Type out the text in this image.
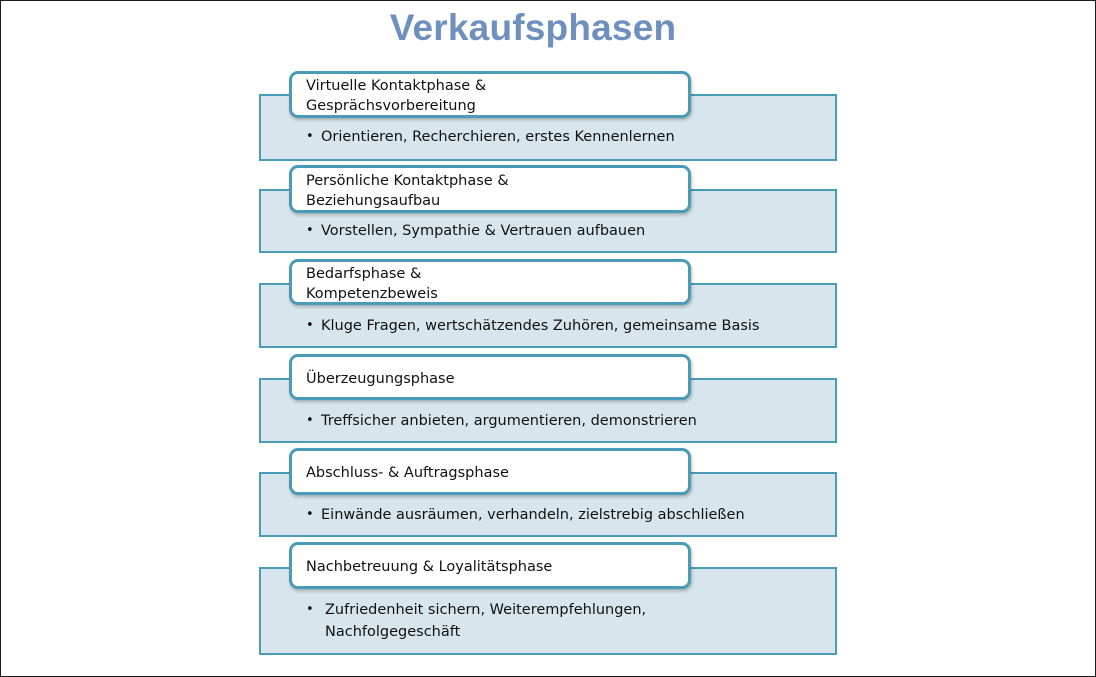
Verkaufsphasen
• Orientieren, Recherchieren, erstes Kennenlernen
Virtuelle Kontaktphase & Gesprächsvorbereitung
• Vorstellen, Sympathie & Vertrauen aufbauen
Persönliche Kontaktphase & Beziehungsaufbau
• Kluge Fragen, wertschätzendes Zuhören, gemeinsame Basis
Bedarfsphase & Kompetenzbeweis
• Treffsicher anbieten, argumentieren, demonstrieren
Überzeugungsphase
• Einwände ausräumen, verhandeln, zielstrebig abschließen
Abschluss- & Auftragsphase
• Zufriedenheit sichern, Weiterempfehlungen, Nachfolgegeschäft
Nachbetreuung & Loyalitätsphase
